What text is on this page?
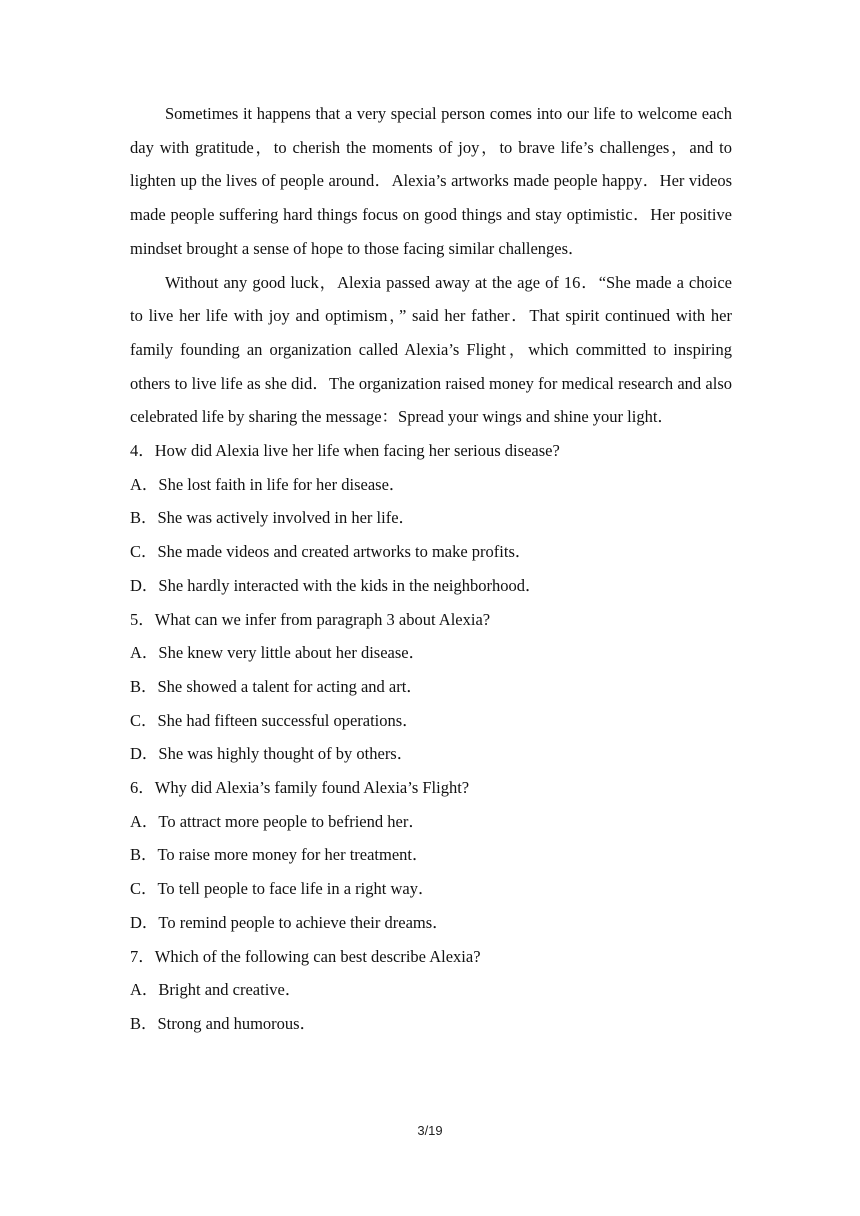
Sometimes it happens that a very special person comes into our life to welcome each day with gratitude，to cherish the moments of joy，to brave life’s challenges，and to lighten up the lives of people around．Alexia’s artworks made people happy．Her videos made people suffering hard things focus on good things and stay optimistic．Her positive mindset brought a sense of hope to those facing similar challenges．

Without any good luck，Alexia passed away at the age of 16．“She made a choice to live her life with joy and optimism，” said her father．That spirit continued with her family founding an organization called Alexia’s Flight，which committed to inspiring others to live life as she did．The organization raised money for medical research and also celebrated life by sharing the message：Spread your wings and shine your light．

4．How did Alexia live her life when facing her serious disease?

A．She lost faith in life for her disease．

B．She was actively involved in her life．

C．She made videos and created artworks to make profits．

D．She hardly interacted with the kids in the neighborhood．

5．What can we infer from paragraph 3 about Alexia?

A．She knew very little about her disease．

B．She showed a talent for acting and art．

C．She had fifteen successful operations．

D．She was highly thought of by others．

6．Why did Alexia’s family found Alexia’s Flight?

A．To attract more people to befriend her．

B．To raise more money for her treatment．

C．To tell people to face life in a right way．

D．To remind people to achieve their dreams．

7．Which of the following can best describe Alexia?

A．Bright and creative．

B．Strong and humorous．

3/19
